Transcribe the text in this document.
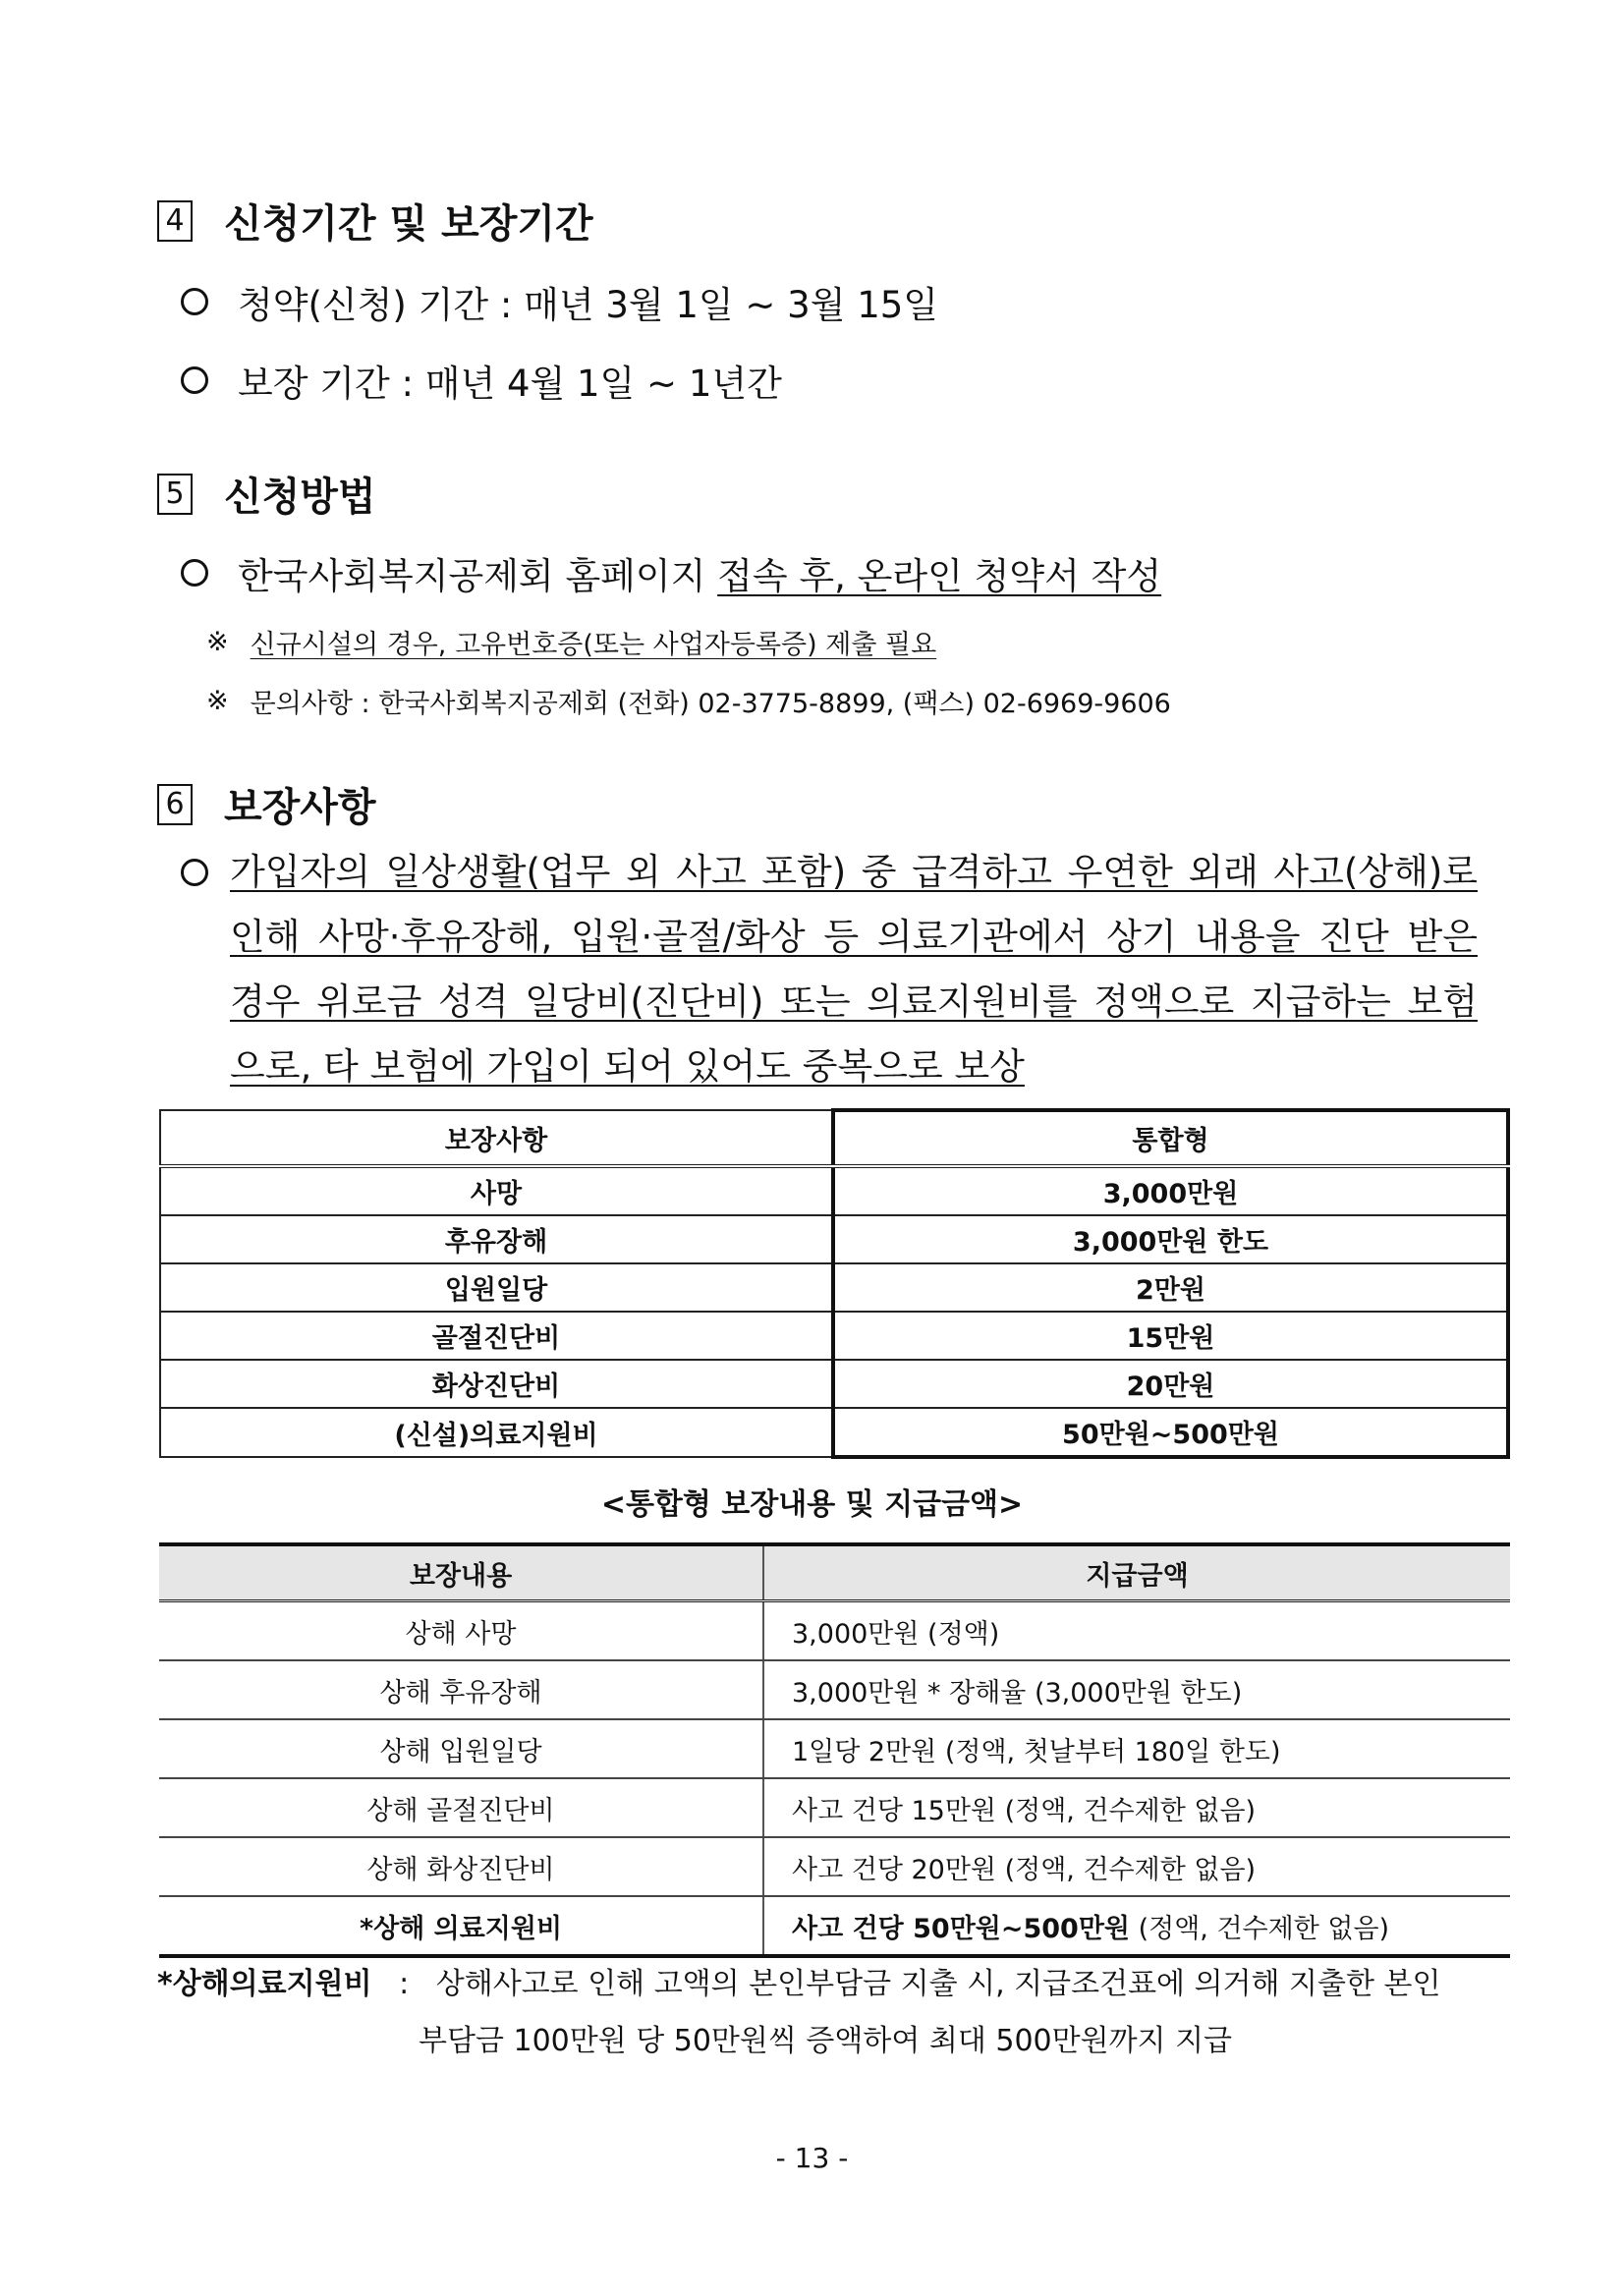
4 신청기간 및 보장기간
청약(신청) 기간 : 매년 3월 1일 ~ 3월 15일
보장 기간 : 매년 4월 1일 ~ 1년간
5 신청방법
한국사회복지공제회 홈페이지 접속 후, 온라인 청약서 작성
※ 신규시설의 경우, 고유번호증(또는 사업자등록증) 제출 필요
※ 문의사항 : 한국사회복지공제회 (전화) 02-3775-8899, (팩스) 02-6969-9606
6 보장사항
가입자의 일상생활(업무 외 사고 포함) 중 급격하고 우연한 외래 사고(상해)로
인해 사망·후유장해, 입원·골절/화상 등 의료기관에서 상기 내용을 진단 받은
경우 위로금 성격 일당비(진단비) 또는 의료지원비를 정액으로 지급하는 보험
으로, 타 보험에 가입이 되어 있어도 중복으로 보상
보장사항	통합형
사망	3,000만원
후유장해	3,000만원 한도
입원일당	2만원
골절진단비	15만원
화상진단비	20만원
(신설)의료지원비	50만원~500만원
<통합형 보장내용 및 지급금액>
보장내용	지급금액
상해 사망	3,000만원 (정액)
상해 후유장해	3,000만원 * 장해율 (3,000만원 한도)
상해 입원일당	1일당 2만원 (정액, 첫날부터 180일 한도)
상해 골절진단비	사고 건당 15만원 (정액, 건수제한 없음)
상해 화상진단비	사고 건당 20만원 (정액, 건수제한 없음)
*상해 의료지원비	사고 건당 50만원~500만원 (정액, 건수제한 없음)
*상해의료지원비 : 상해사고로 인해 고액의 본인부담금 지출 시, 지급조건표에 의거해 지출한 본인
부담금 100만원 당 50만원씩 증액하여 최대 500만원까지 지급
- 13 -
